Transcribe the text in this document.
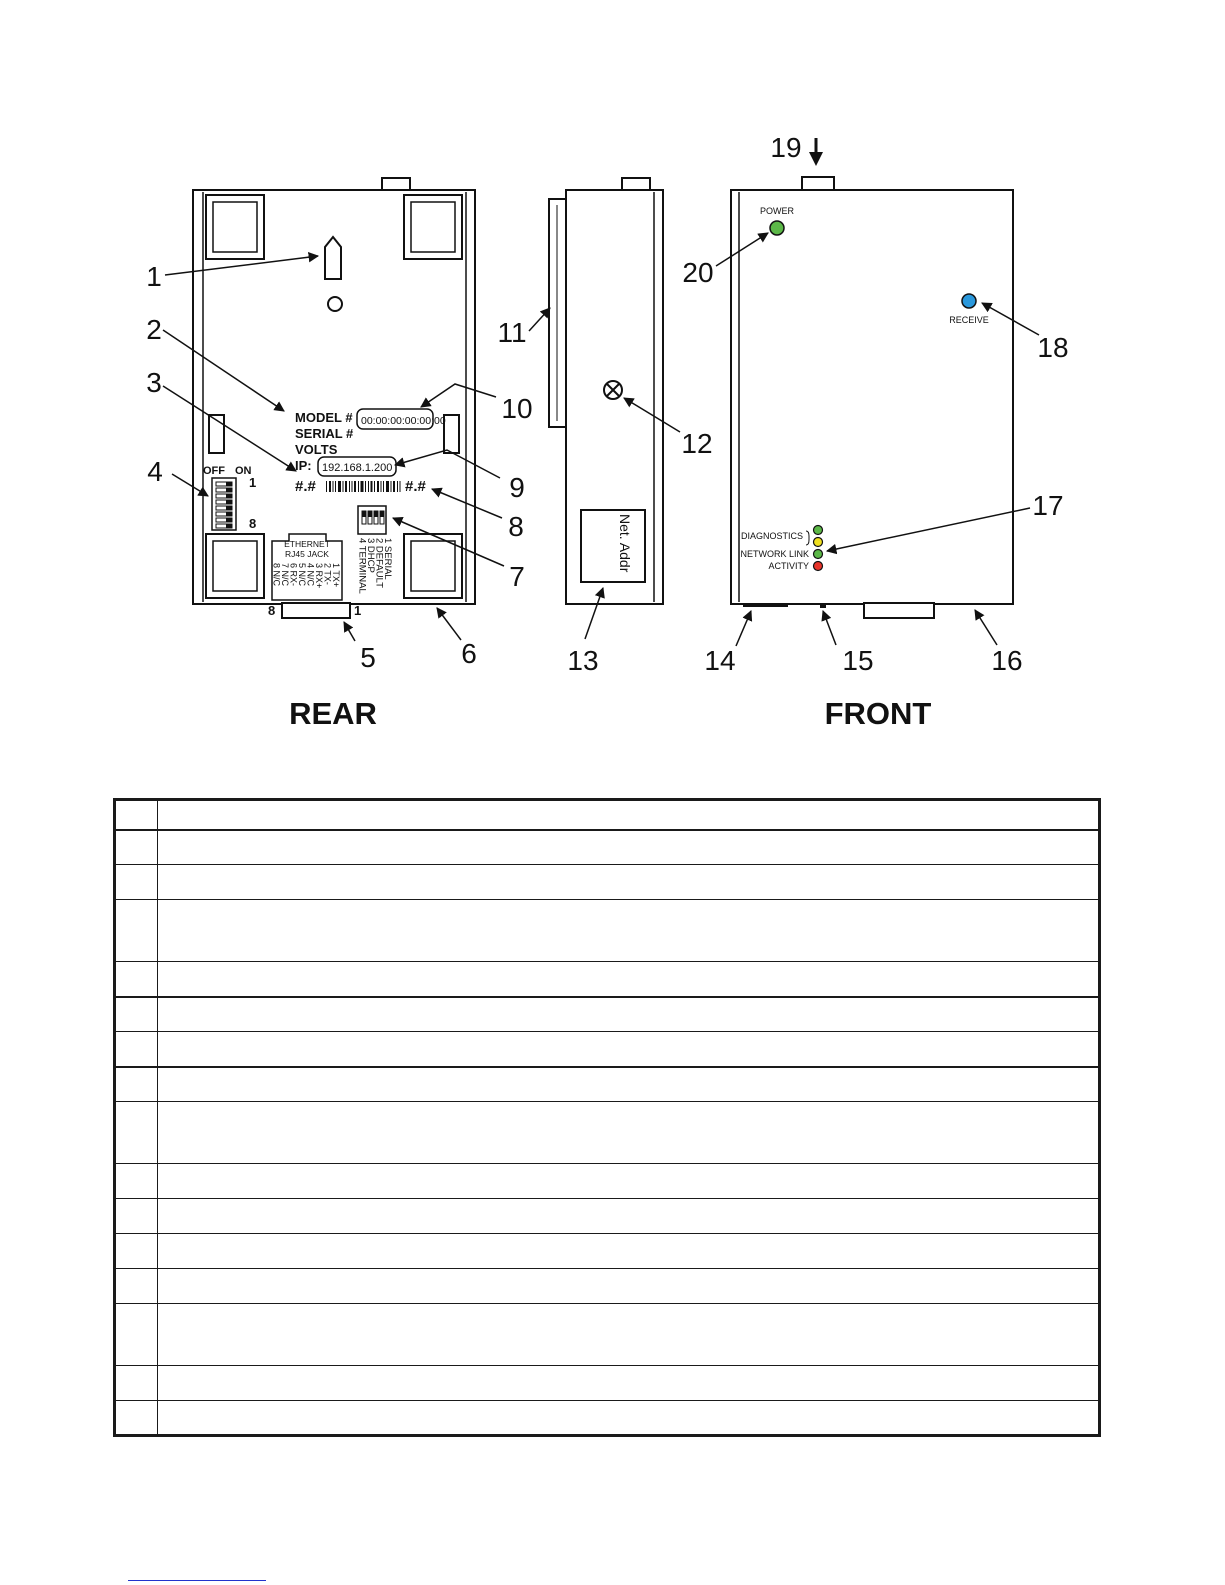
MODEL #
SERIAL #
VOLTS
IP:
00:00:00:00:00:00
192.168.1.200
#.#	#.#
OFF ON
1
8
ETHERNET
RJ45 JACK
1 TX+
2 TX-
3 RX+
4 N/C
5 N/C
6 RX-
7 N/C
8 N/C
8	1
1 SERIAL
2 DEFAULT
3 DHCP
4 TERMINAL	Net. Addr
POWER
RECEIVE
DIAGNOSTICS
NETWORK LINK
ACTIVITY
1
2
3
4
5	6
7
8
9
10
11
12
13	14	15	16
17
18
19
20
REAR	FRONT
